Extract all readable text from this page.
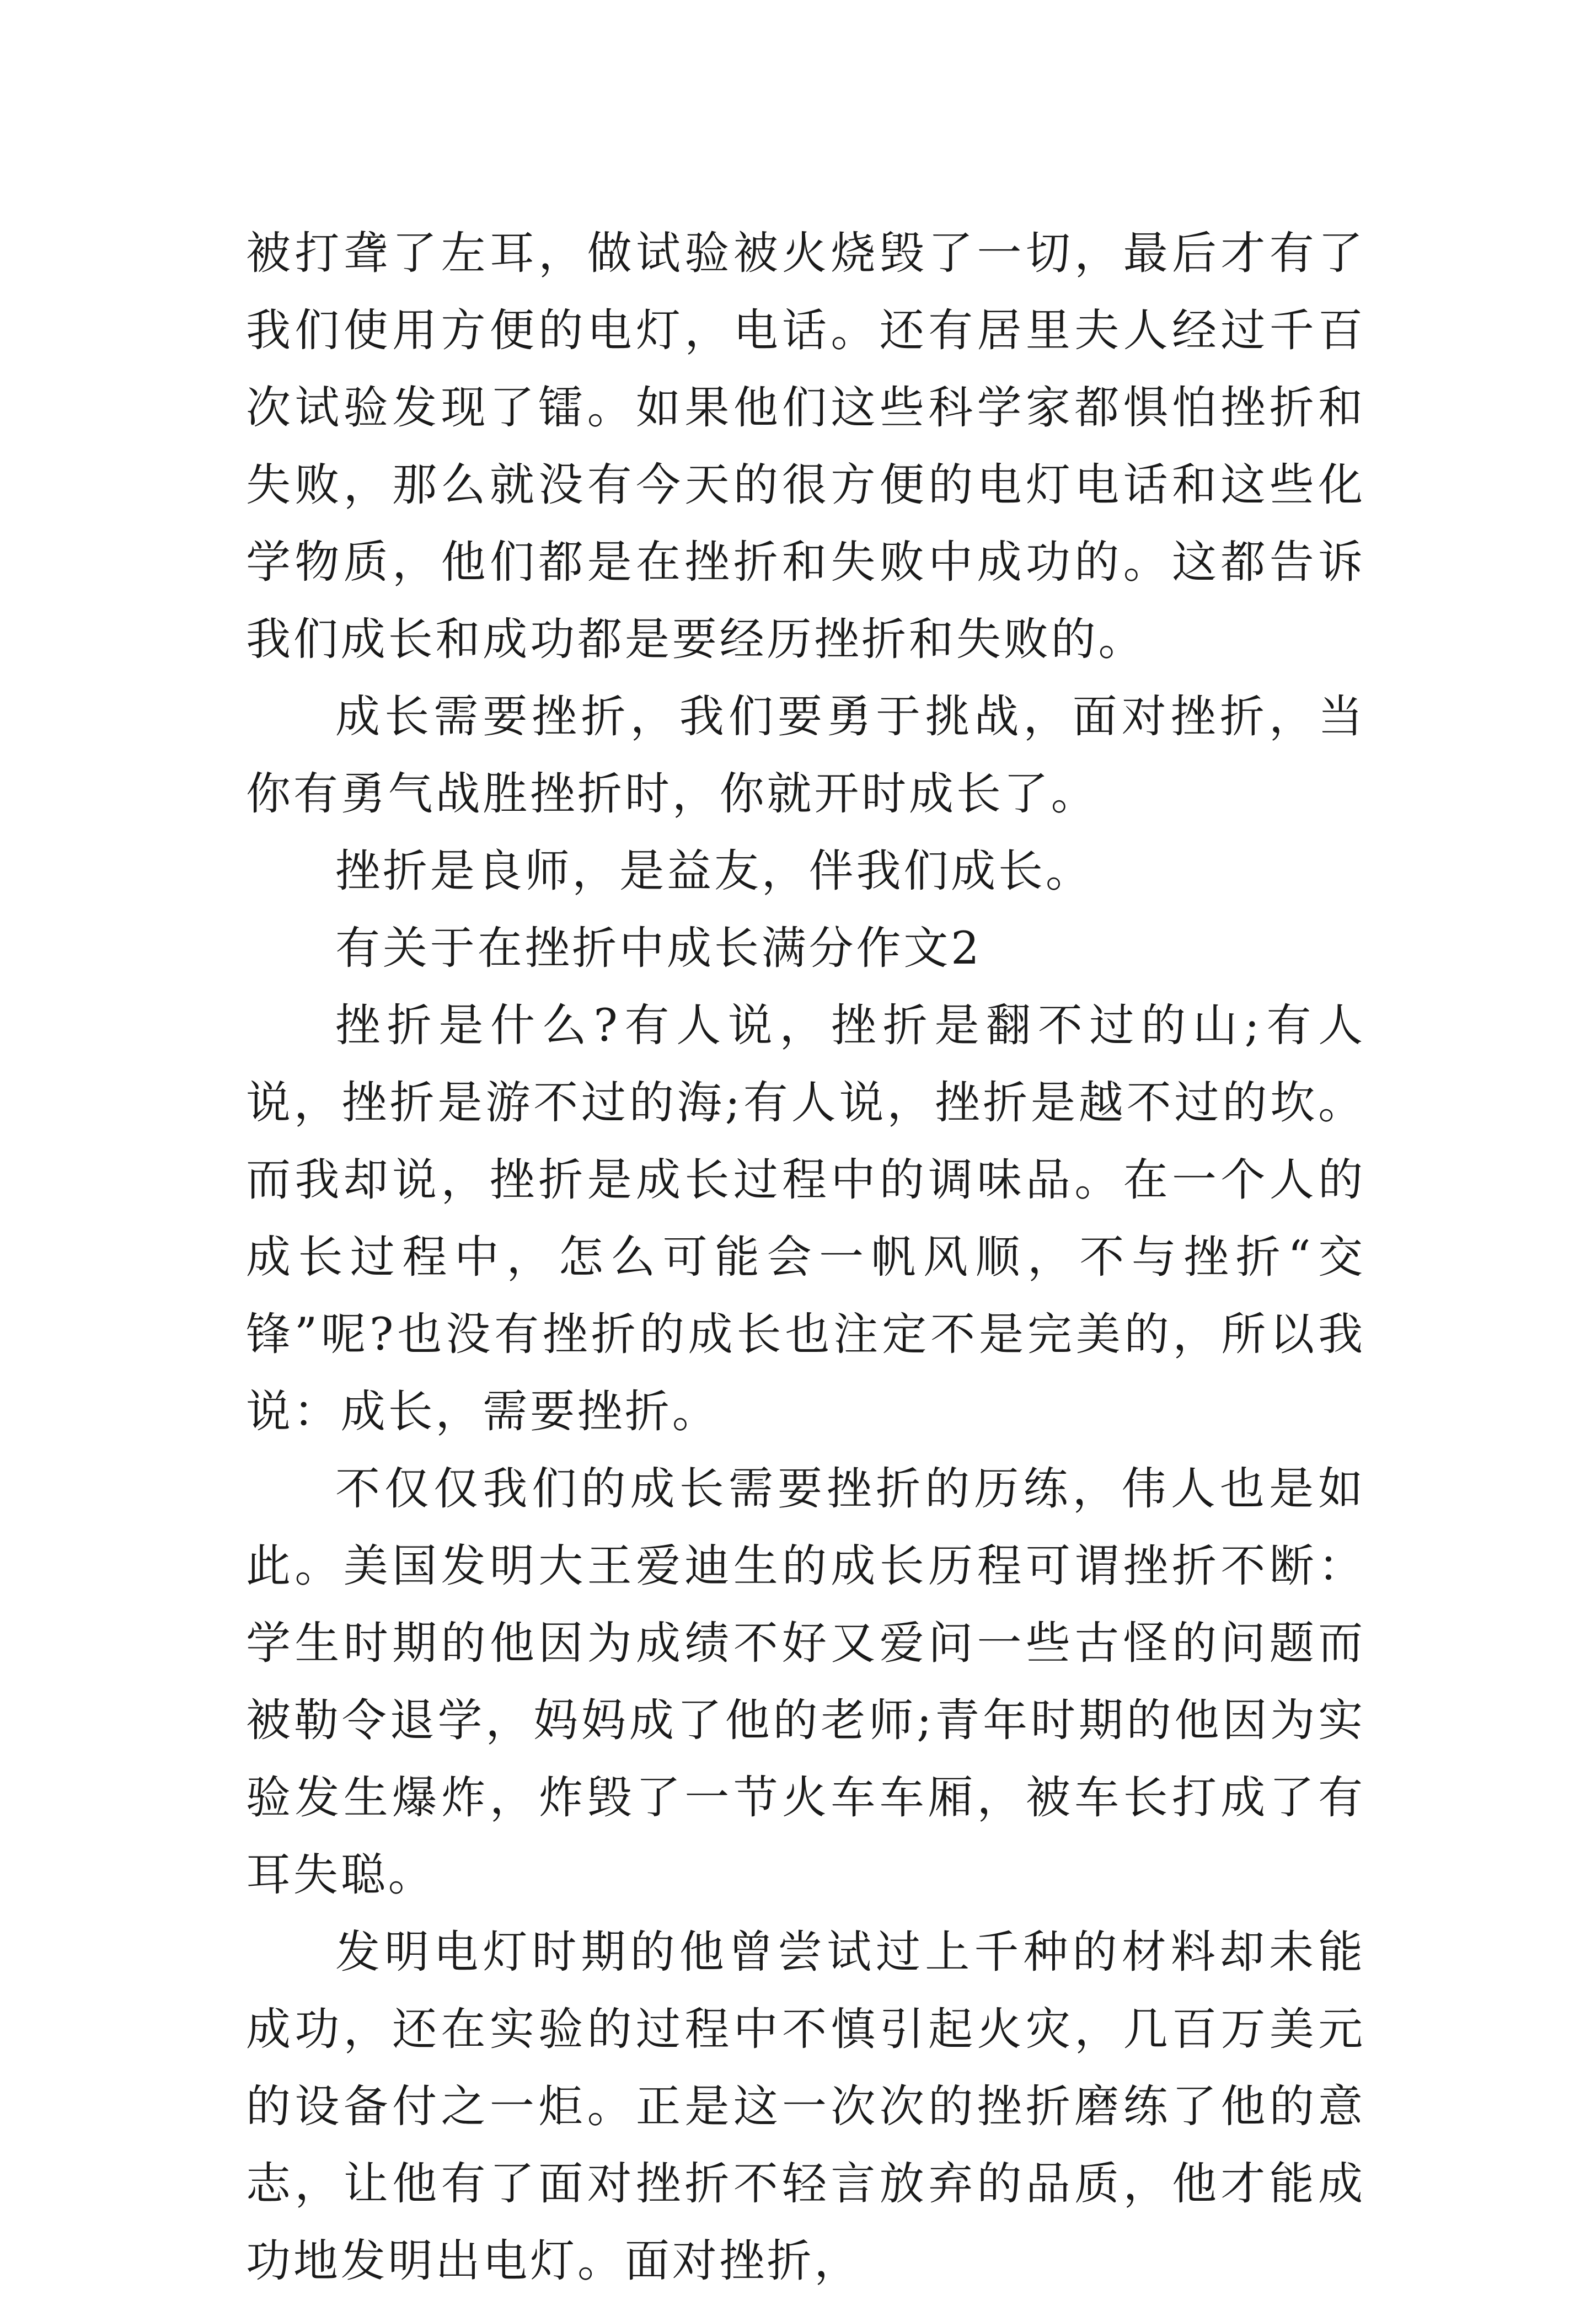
被打聋了左耳，做试验被火烧毁了一切，最后才有了我们使用方便的电灯，电话。还有居里夫人经过千百次试验发现了镭。如果他们这些科学家都惧怕挫折和失败，那么就没有今天的很方便的电灯电话和这些化学物质，他们都是在挫折和失败中成功的。这都告诉我们成长和成功都是要经历挫折和失败的。

成长需要挫折，我们要勇于挑战，面对挫折，当你有勇气战胜挫折时，你就开时成长了。

挫折是良师，是益友，伴我们成长。

有关于在挫折中成长满分作文2

挫折是什么?有人说，挫折是翻不过的山;有人说，挫折是游不过的海;有人说，挫折是越不过的坎。而我却说，挫折是成长过程中的调味品。在一个人的成长过程中，怎么可能会一帆风顺，不与挫折“交锋”呢?也没有挫折的成长也注定不是完美的，所以我说：成长，需要挫折。

不仅仅我们的成长需要挫折的历练，伟人也是如此。美国发明大王爱迪生的成长历程可谓挫折不断：学生时期的他因为成绩不好又爱问一些古怪的问题而被勒令退学，妈妈成了他的老师;青年时期的他因为实验发生爆炸，炸毁了一节火车车厢，被车长打成了有耳失聪。

发明电灯时期的他曾尝试过上千种的材料却未能成功，还在实验的过程中不慎引起火灾，几百万美元的设备付之一炬。正是这一次次的挫折磨练了他的意志，让他有了面对挫折不轻言放弃的品质，他才能成功地发明出电灯。面对挫折，
